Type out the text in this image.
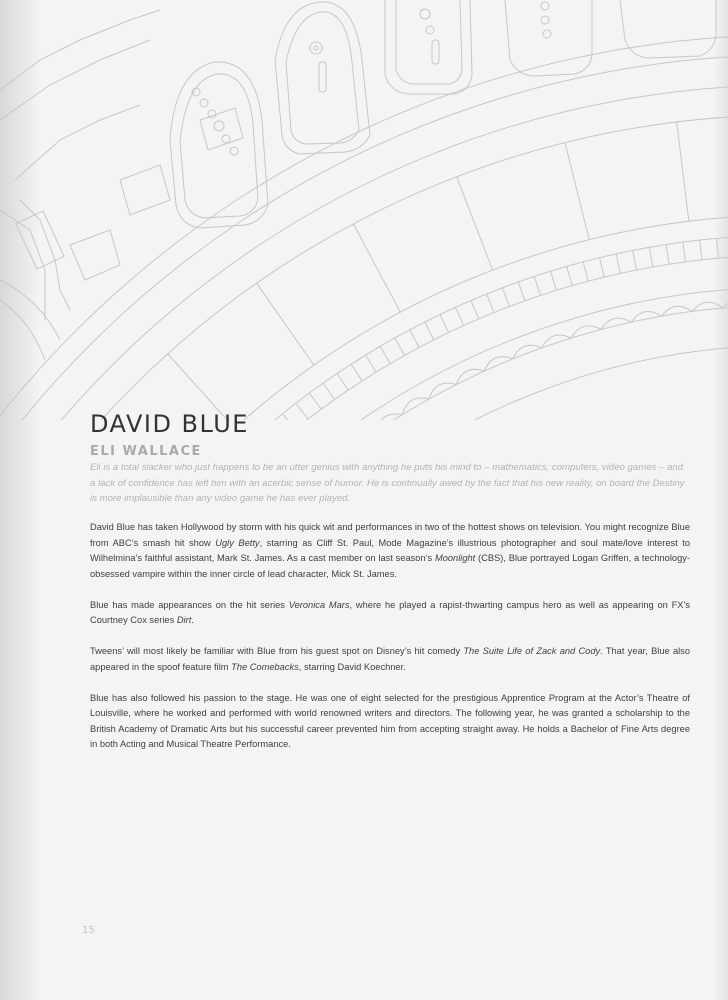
DAVID BLUE
ELI WALLACE

Eli is a total slacker who just happens to be an utter genius with anything he puts his mind to – mathematics, computers, video games – and a lack of confidence has left him with an acerbic sense of humor. He is continually awed by the fact that his new reality, on board the Destiny is more implausible than any video game he has ever played.

David Blue has taken Hollywood by storm with his quick wit and performances in two of the hottest shows on television. You might recognize Blue from ABC’s smash hit show Ugly Betty, starring as Cliff St. Paul, Mode Magazine’s illustrious photographer and soul mate/love interest to Wilhelmina’s faithful assistant, Mark St. James. As a cast member on last season’s Moonlight (CBS), Blue portrayed Logan Griffen, a technology-obsessed vampire within the inner circle of lead character, Mick St. James.

Blue has made appearances on the hit series Veronica Mars, where he played a rapist-thwarting campus hero as well as appearing on FX’s Courtney Cox series Dirt.

Tweens’ will most likely be familiar with Blue from his guest spot on Disney’s hit comedy The Suite Life of Zack and Cody. That year, Blue also appeared in the spoof feature film The Comebacks, starring David Koechner.

Blue has also followed his passion to the stage. He was one of eight selected for the prestigious Apprentice Program at the Actor’s Theatre of Louisville, where he worked and performed with world renowned writers and directors. The following year, he was granted a scholarship to the British Academy of Dramatic Arts but his successful career prevented him from accepting straight away. He holds a Bachelor of Fine Arts degree in both Acting and Musical Theatre Performance.

15
